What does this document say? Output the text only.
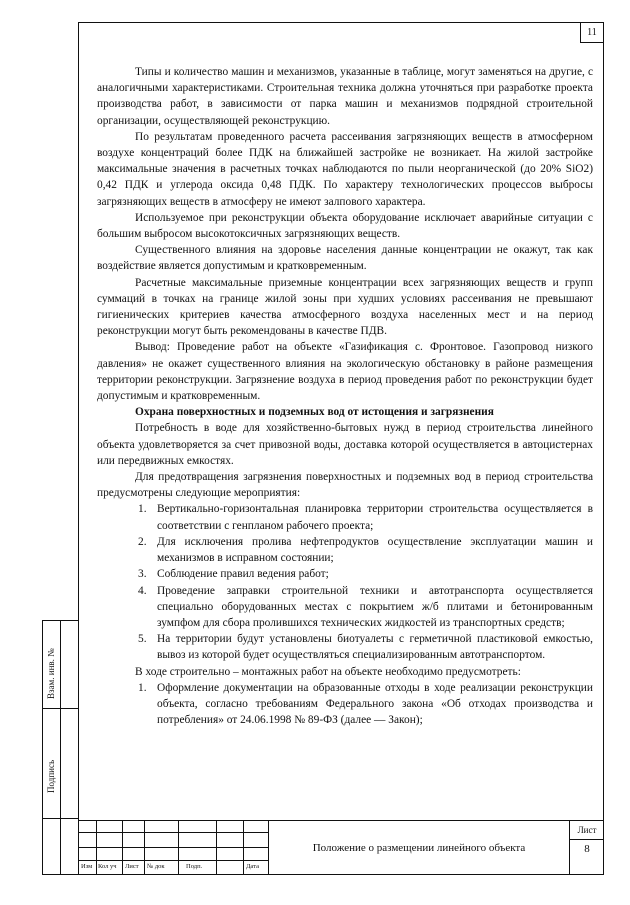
11

Типы и количество машин и механизмов, указанные в таблице, могут заменяться на другие, с аналогичными характеристиками. Строительная техника должна уточняться при разработке проекта производства работ, в зависимости от парка машин и механизмов подрядной строительной организации, осуществляющей реконструкцию.

По результатам проведенного расчета рассеивания загрязняющих веществ в атмосферном воздухе концентраций более ПДК на ближайшей застройке не возникает. На жилой застройке максимальные значения в расчетных точках наблюдаются по пыли неорганической (до 20% SiO2) 0,42 ПДК и углерода оксида 0,48 ПДК. По характеру технологических процессов выбросы загрязняющих веществ в атмосферу не имеют залпового характера.

Используемое при реконструкции объекта оборудование исключает аварийные ситуации с большим выбросом высокотоксичных загрязняющих веществ.

Существенного влияния на здоровье населения данные концентрации не окажут, так как воздействие является допустимым и кратковременным.

Расчетные максимальные приземные концентрации всех загрязняющих веществ и групп суммаций в точках на границе жилой зоны при худших условиях рассеивания не превышают гигиенических критериев качества атмосферного воздуха населенных мест и на период реконструкции могут быть рекомендованы в качестве ПДВ.

Вывод: Проведение работ на объекте «Газификация с. Фронтовое. Газопровод низкого давления» не окажет существенного влияния на экологическую обстановку в районе размещения территории реконструкции. Загрязнение воздуха в период проведения работ по реконструкции будет допустимым и кратковременным.

Охрана поверхностных и подземных вод от истощения и загрязнения

Потребность в воде для хозяйственно-бытовых нужд в период строительства линейного объекта удовлетворяется за счет привозной воды, доставка которой осуществляется в автоцистернах или передвижных емкостях.

Для предотвращения загрязнения поверхностных и подземных вод в период строительства предусмотрены следующие мероприятия:

1. Вертикально-горизонтальная планировка территории строительства осуществляется в соответствии с генпланом рабочего проекта;
2. Для исключения пролива нефтепродуктов осуществление эксплуатации машин и механизмов в исправном состоянии;
3. Соблюдение правил ведения работ;
4. Проведение заправки строительной техники и автотранспорта осуществляется специально оборудованных местах с покрытием ж/б плитами и бетонированным зумпфом для сбора пролившихся технических жидкостей из транспортных средств;
5. На территории будут установлены биотуалеты с герметичной пластиковой емкостью, вывоз из которой будет осуществляться специализированным автотранспортом.

В ходе строительно – монтажных работ на объекте необходимо предусмотреть:

1. Оформление документации на образованные отходы в ходе реализации реконструкции объекта, согласно требованиям Федерального закона «Об отходах производства и потребления» от 24.06.1998 № 89-ФЗ (далее — Закон);
Взам. инв. №
Подпись
Изм Кол уч Лист № док	Подп.	Дата
Положение о размещении линейного объекта
Лист
8
